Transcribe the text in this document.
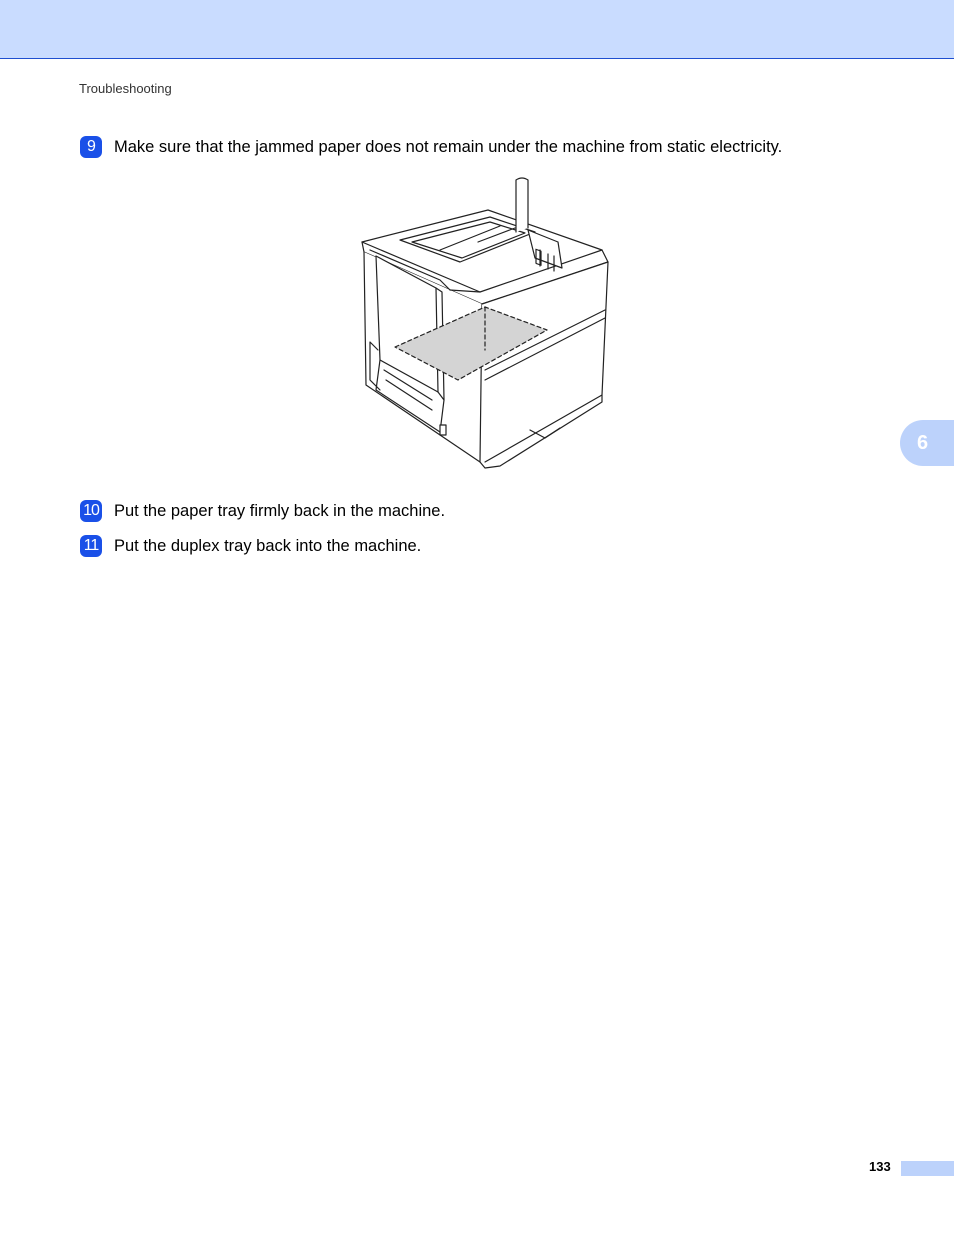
Troubleshooting
9	Make sure that the jammed paper does not remain under the machine from static electricity.
10 Put the paper tray firmly back in the machine.
11 Put the duplex tray back into the machine.
6
133
